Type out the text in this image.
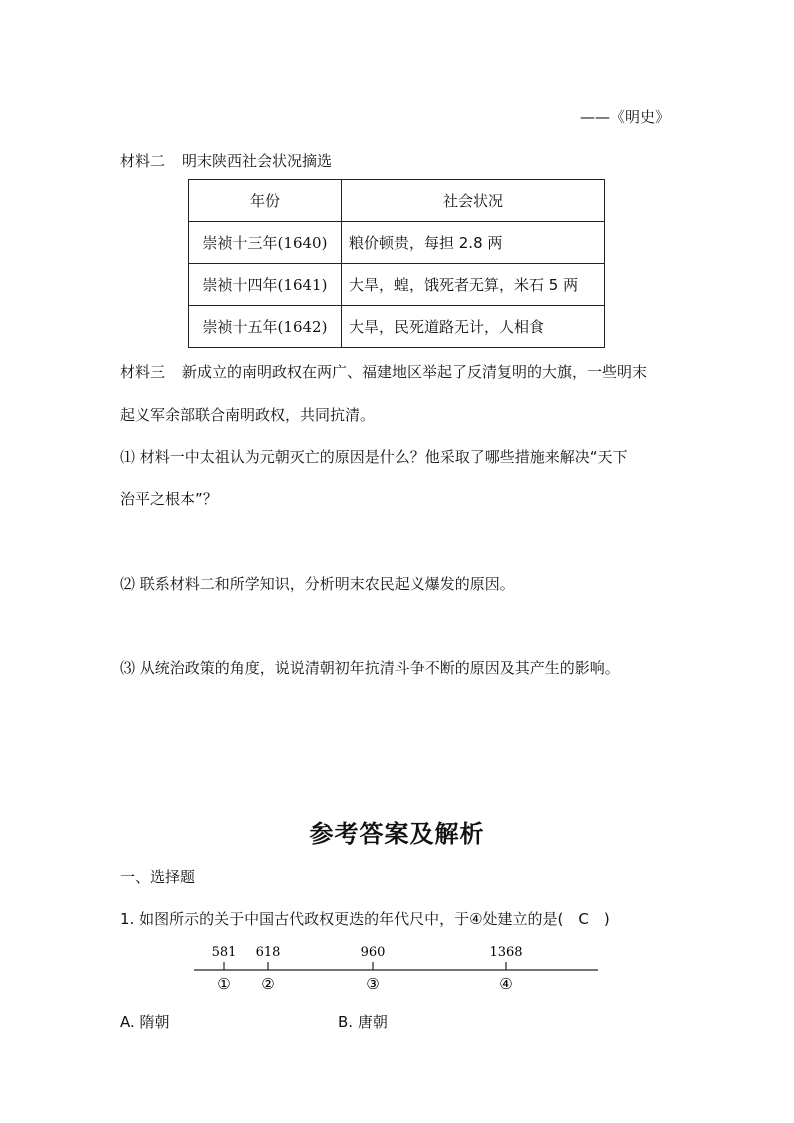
——《明史》
材料二 明末陕西社会状况摘选
年份	社会状况
崇祯十三年(1640)	粮价顿贵，每担 2.8 两
崇祯十四年(1641)	大旱，蝗，饿死者无算，米石 5 两
崇祯十五年(1642)	大旱，民死道路无计，人相食
材料三 新成立的南明政权在两广、福建地区举起了反清复明的大旗，一些明末
起义军余部联合南明政权，共同抗清。
⑴ 材料一中太祖认为元朝灭亡的原因是什么？他采取了哪些措施来解决“天下
治平之根本”？
⑵ 联系材料二和所学知识，分析明末农民起义爆发的原因。
⑶ 从统治政策的角度，说说清朝初年抗清斗争不断的原因及其产生的影响。
参考答案及解析
一、选择题
1. 如图所示的关于中国古代政权更迭的年代尺中，于④处建立的是(　C　)
581 618	960	1368
① ②	③	④
A. 隋朝	B. 唐朝
